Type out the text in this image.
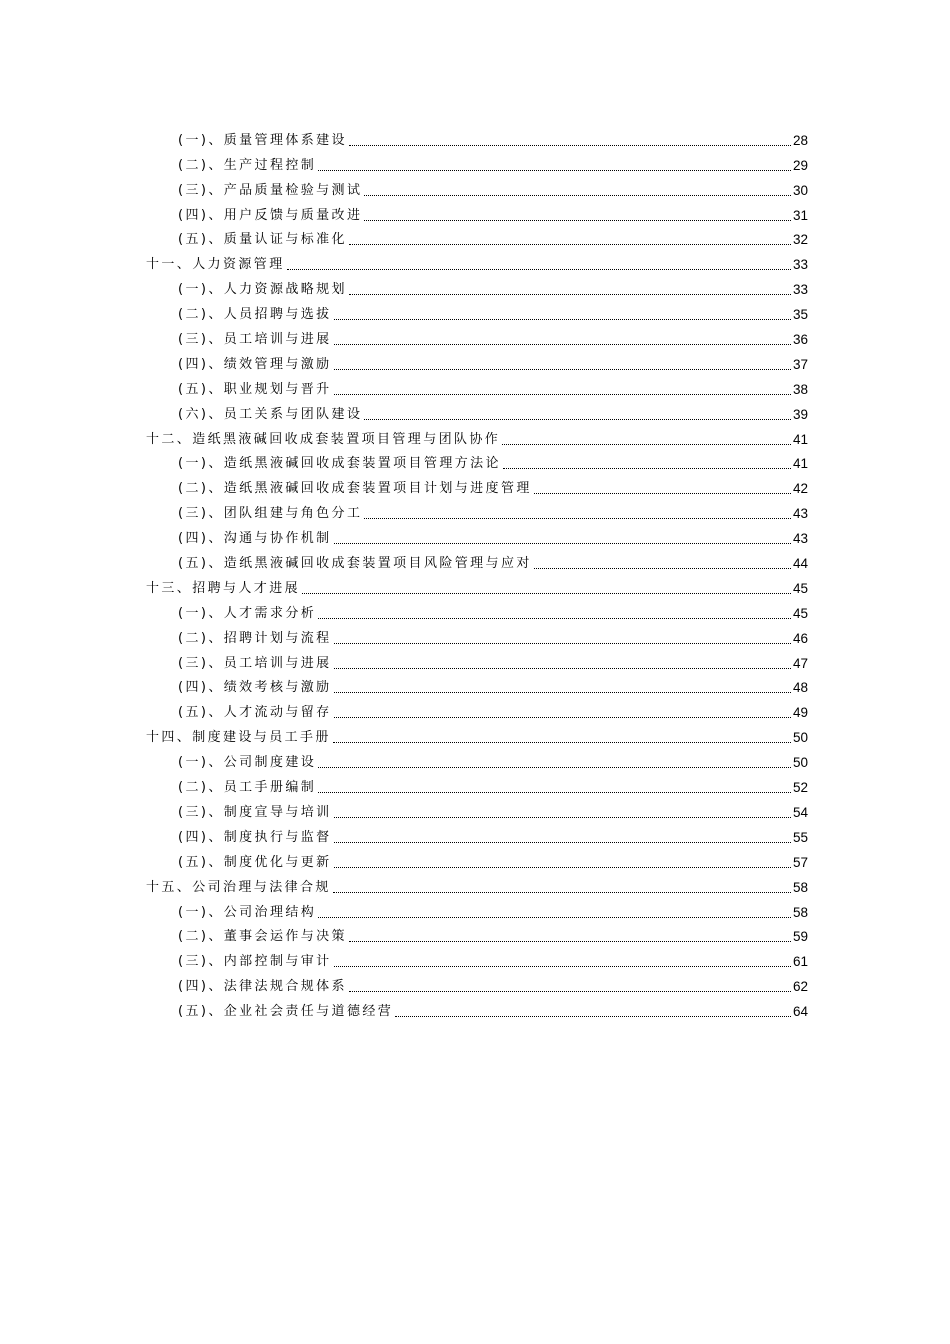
(一)、质量管理体系建设	28
(二)、生产过程控制	29
(三)、产品质量检验与测试	30
(四)、用户反馈与质量改进	31
(五)、质量认证与标准化	32
十一、人力资源管理	33
(一)、人力资源战略规划	33
(二)、人员招聘与选拔	35
(三)、员工培训与进展	36
(四)、绩效管理与激励	37
(五)、职业规划与晋升	38
(六)、员工关系与团队建设	39
十二、造纸黑液碱回收成套装置项目管理与团队协作	41
(一)、造纸黑液碱回收成套装置项目管理方法论	41
(二)、造纸黑液碱回收成套装置项目计划与进度管理	42
(三)、团队组建与角色分工	43
(四)、沟通与协作机制	43
(五)、造纸黑液碱回收成套装置项目风险管理与应对	44
十三、招聘与人才进展	45
(一)、人才需求分析	45
(二)、招聘计划与流程	46
(三)、员工培训与进展	47
(四)、绩效考核与激励	48
(五)、人才流动与留存	49
十四、制度建设与员工手册	50
(一)、公司制度建设	50
(二)、员工手册编制	52
(三)、制度宣导与培训	54
(四)、制度执行与监督	55
(五)、制度优化与更新	57
十五、公司治理与法律合规	58
(一)、公司治理结构	58
(二)、董事会运作与决策	59
(三)、内部控制与审计	61
(四)、法律法规合规体系	62
(五)、企业社会责任与道德经营	64
